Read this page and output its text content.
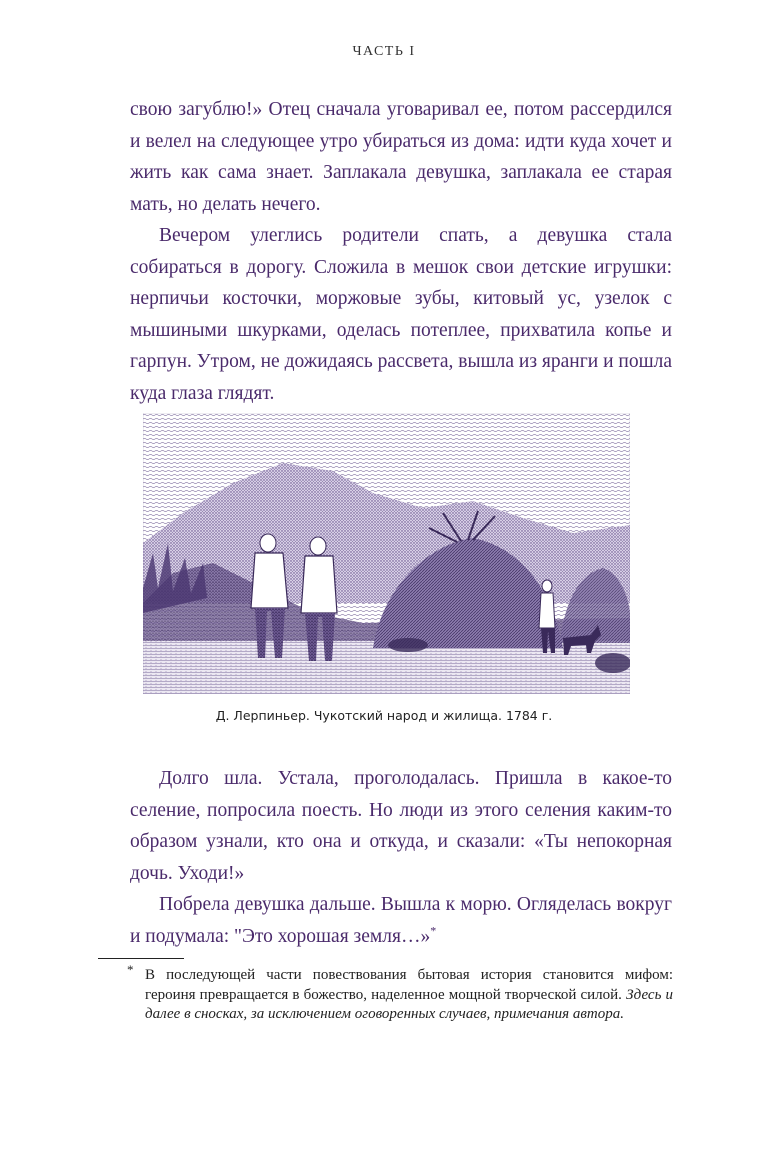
ЧАСТЬ I

свою загублю!» Отец сначала уговаривал ее, потом рассердился и велел на следующее утро убираться из дома: идти куда хочет и жить как сама знает. Заплакала девушка, заплакала ее старая мать, но делать нечего.

Вечером улеглись родители спать, а девушка стала собираться в дорогу. Сложила в мешок свои детские игрушки: нерпичьи косточки, моржовые зубы, китовый ус, узелок с мышиными шкурками, оделась потеплее, прихватила копье и гарпун. Утром, не дожидаясь рассвета, вышла из яранги и пошла куда глаза глядят.

Д. Лерпиньер. Чукотский народ и жилища. 1784 г.

Долго шла. Устала, проголодалась. Пришла в какое-то селение, попросила поесть. Но люди из этого селения каким-то образом узнали, кто она и откуда, и сказали: «Ты непокорная дочь. Уходи!»

Побрела девушка дальше. Вышла к морю. Огляделась вокруг и подумала: "Это хорошая земля…»*

* В последующей части повествования бытовая история становится мифом: героиня превращается в божество, наделенное мощной творческой силой. Здесь и далее в сносках, за исключением оговоренных случаев, примечания автора.
